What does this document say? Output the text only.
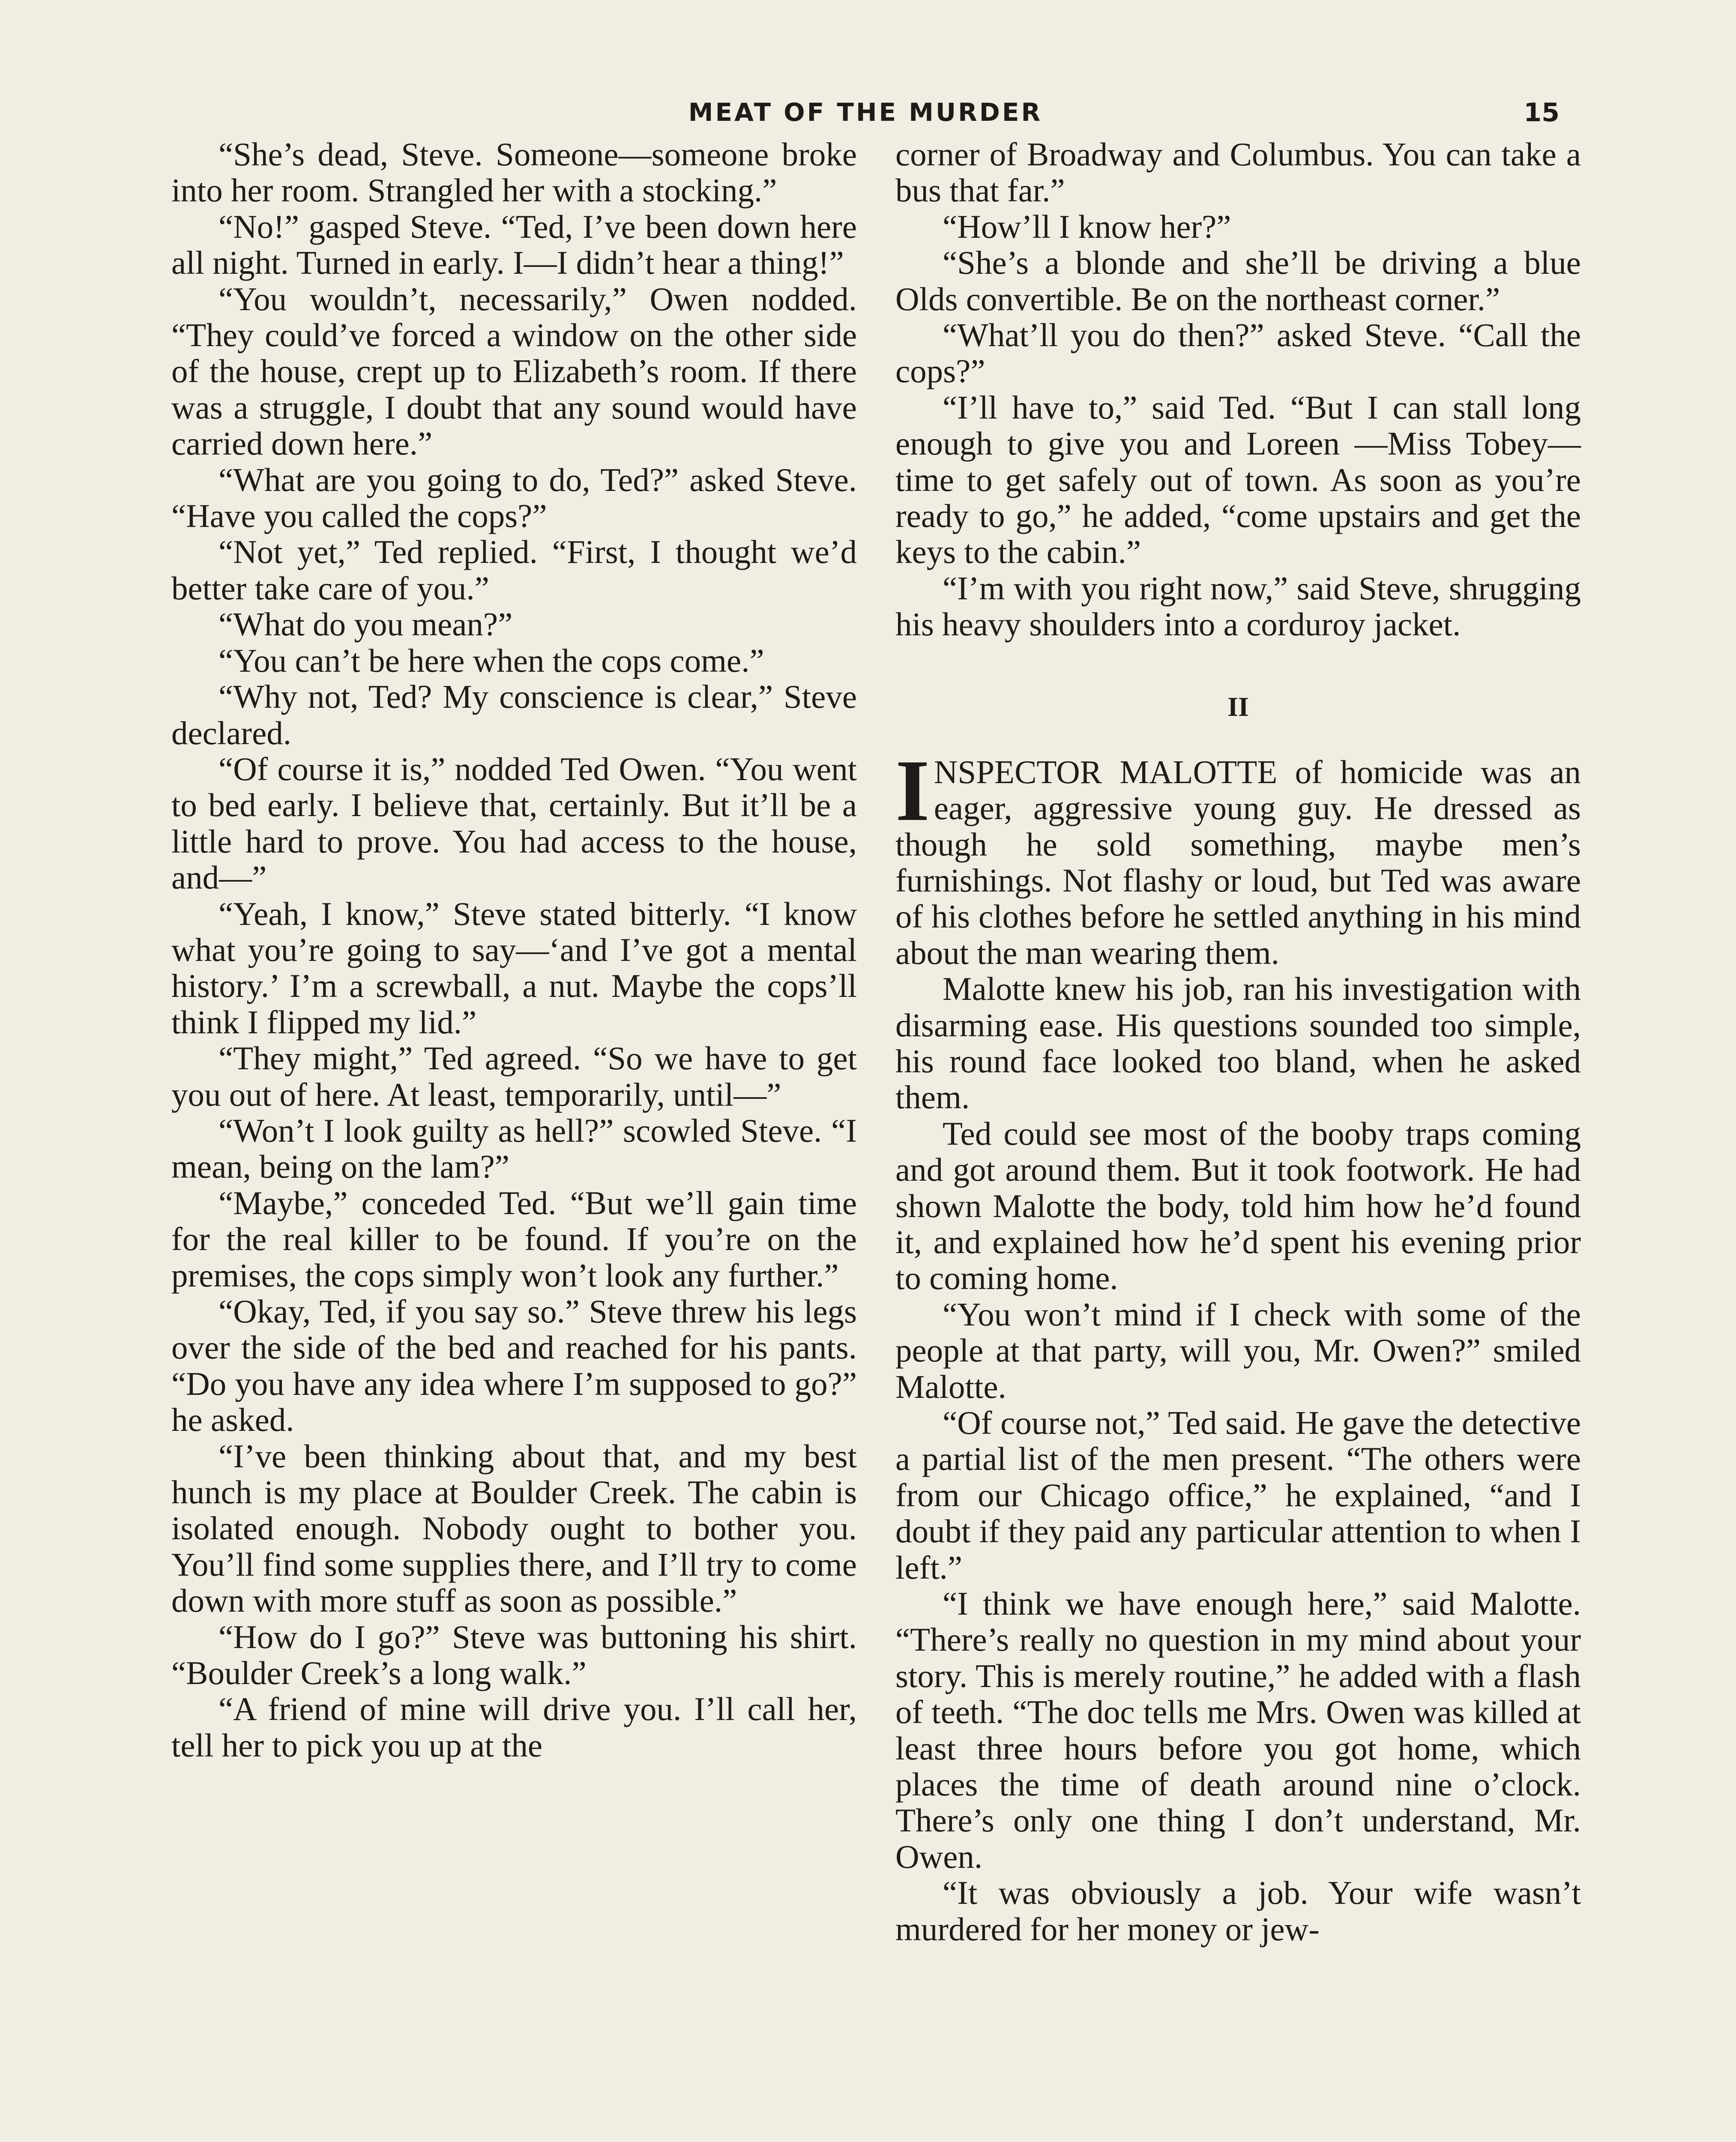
MEAT OF THE MURDER	15

“She’s dead, Steve. Someone—someone broke into her room. Strangled her with a stocking.”

“No!” gasped Steve. “Ted, I’ve been down here all night. Turned in early. I—I didn’t hear a thing!”

“You wouldn’t, necessarily,” Owen nodded. “They could’ve forced a window on the other side of the house, crept up to Elizabeth’s room. If there was a struggle, I doubt that any sound would have carried down here.”

“What are you going to do, Ted?” asked Steve. “Have you called the cops?”

“Not yet,” Ted replied. “First, I thought we’d better take care of you.”

“What do you mean?”

“You can’t be here when the cops come.”

“Why not, Ted? My conscience is clear,” Steve declared.

“Of course it is,” nodded Ted Owen. “You went to bed early. I believe that, certainly. But it’ll be a little hard to prove. You had access to the house, and—”

“Yeah, I know,” Steve stated bitterly. “I know what you’re going to say—‘and I’ve got a mental history.’ I’m a screwball, a nut. Maybe the cops’ll think I flipped my lid.”

“They might,” Ted agreed. “So we have to get you out of here. At least, temporarily, until—”

“Won’t I look guilty as hell?” scowled Steve. “I mean, being on the lam?”

“Maybe,” conceded Ted. “But we’ll gain time for the real killer to be found. If you’re on the premises, the cops simply won’t look any further.”

“Okay, Ted, if you say so.” Steve threw his legs over the side of the bed and reached for his pants. “Do you have any idea where I’m supposed to go?” he asked.

“I’ve been thinking about that, and my best hunch is my place at Boulder Creek. The cabin is isolated enough. Nobody ought to bother you. You’ll find some supplies there, and I’ll try to come down with more stuff as soon as possible.”

“How do I go?” Steve was buttoning his shirt. “Boulder Creek’s a long walk.”

“A friend of mine will drive you. I’ll call her, tell her to pick you up at the

corner of Broadway and Columbus. You can take a bus that far.”

“How’ll I know her?”

“She’s a blonde and she’ll be driving a blue Olds convertible. Be on the northeast corner.”

“What’ll you do then?” asked Steve. “Call the cops?”

“I’ll have to,” said Ted. “But I can stall long enough to give you and Loreen —Miss Tobey—time to get safely out of town. As soon as you’re ready to go,” he added, “come upstairs and get the keys to the cabin.”

“I’m with you right now,” said Steve, shrugging his heavy shoulders into a corduroy jacket.

II

INSPECTOR MALOTTE of homicide was an eager, aggressive young guy. He dressed as though he sold something, maybe men’s furnishings. Not flashy or loud, but Ted was aware of his clothes before he settled anything in his mind about the man wearing them.

Malotte knew his job, ran his investigation with disarming ease. His questions sounded too simple, his round face looked too bland, when he asked them.

Ted could see most of the booby traps coming and got around them. But it took footwork. He had shown Malotte the body, told him how he’d found it, and explained how he’d spent his evening prior to coming home.

“You won’t mind if I check with some of the people at that party, will you, Mr. Owen?” smiled Malotte.

“Of course not,” Ted said. He gave the detective a partial list of the men present. “The others were from our Chicago office,” he explained, “and I doubt if they paid any particular attention to when I left.”

“I think we have enough here,” said Malotte. “There’s really no question in my mind about your story. This is merely routine,” he added with a flash of teeth. “The doc tells me Mrs. Owen was killed at least three hours before you got home, which places the time of death around nine o’clock. There’s only one thing I don’t understand, Mr. Owen.

“It was obviously a job. Your wife wasn’t murdered for her money or jew-
